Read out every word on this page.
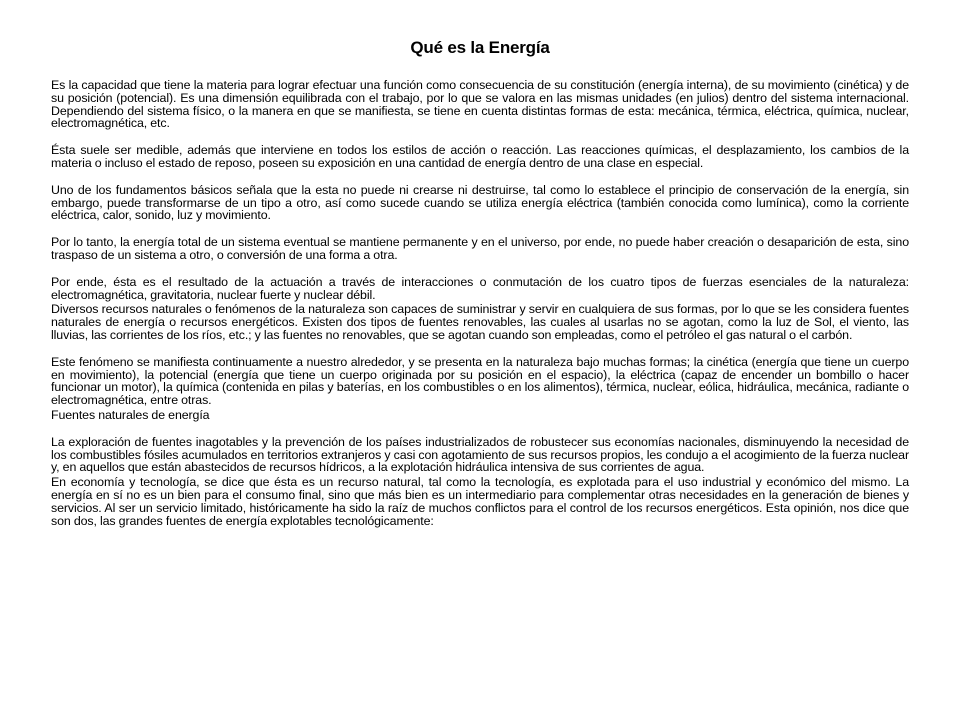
Qué es la Energía

Es la capacidad que tiene la materia para lograr efectuar una función como consecuencia de su constitución (energía interna), de su movimiento (cinética) y de su posición (potencial). Es una dimensión equilibrada con el trabajo, por lo que se valora en las mismas unidades (en julios) dentro del sistema internacional. Dependiendo del sistema físico, o la manera en que se manifiesta, se tiene en cuenta distintas formas de esta: mecánica, térmica, eléctrica, química, nuclear, electromagnética, etc.

Ésta suele ser medible, además que interviene en todos los estilos de acción o reacción. Las reacciones químicas, el desplazamiento, los cambios de la materia o incluso el estado de reposo, poseen su exposición en una cantidad de energía dentro de una clase en especial.

Uno de los fundamentos básicos señala que la esta no puede ni crearse ni destruirse, tal como lo establece el principio de conservación de la energía, sin embargo, puede transformarse de un tipo a otro, así como sucede cuando se utiliza energía eléctrica (también conocida como lumínica), como la corriente eléctrica, calor, sonido, luz y movimiento.

Por lo tanto, la energía total de un sistema eventual se mantiene permanente y en el universo, por ende, no puede haber creación o desaparición de esta, sino traspaso de un sistema a otro, o conversión de una forma a otra.

Por ende, ésta es el resultado de la actuación a través de interacciones o conmutación de los cuatro tipos de fuerzas esenciales de la naturaleza: electromagnética, gravitatoria, nuclear fuerte y nuclear débil.

Diversos recursos naturales o fenómenos de la naturaleza son capaces de suministrar y servir en cualquiera de sus formas, por lo que se les considera fuentes naturales de energía o recursos energéticos. Existen dos tipos de fuentes renovables, las cuales al usarlas no se agotan, como la luz de Sol, el viento, las lluvias, las corrientes de los ríos, etc.; y las fuentes no renovables, que se agotan cuando son empleadas, como el petróleo el gas natural o el carbón.

Este fenómeno se manifiesta continuamente a nuestro alrededor, y se presenta en la naturaleza bajo muchas formas; la cinética (energía que tiene un cuerpo en movimiento), la potencial (energía que tiene un cuerpo originada por su posición en el espacio), la eléctrica (capaz de encender un bombillo o hacer funcionar un motor), la química (contenida en pilas y baterías, en los combustibles o en los alimentos), térmica, nuclear, eólica, hidráulica, mecánica, radiante o electromagnética, entre otras.

Fuentes naturales de energía

La exploración de fuentes inagotables y la prevención de los países industrializados de robustecer sus economías nacionales, disminuyendo la necesidad de los combustibles fósiles acumulados en territorios extranjeros y casi con agotamiento de sus recursos propios, les condujo a el acogimiento de la fuerza nuclear y, en aquellos que están abastecidos de recursos hídricos, a la explotación hidráulica intensiva de sus corrientes de agua.

En economía y tecnología, se dice que ésta es un recurso natural, tal como la tecnología, es explotada para el uso industrial y económico del mismo. La energía en sí no es un bien para el consumo final, sino que más bien es un intermediario para complementar otras necesidades en la generación de bienes y servicios. Al ser un servicio limitado, históricamente ha sido la raíz de muchos conflictos para el control de los recursos energéticos. Esta opinión, nos dice que son dos, las grandes fuentes de energía explotables tecnológicamente:
